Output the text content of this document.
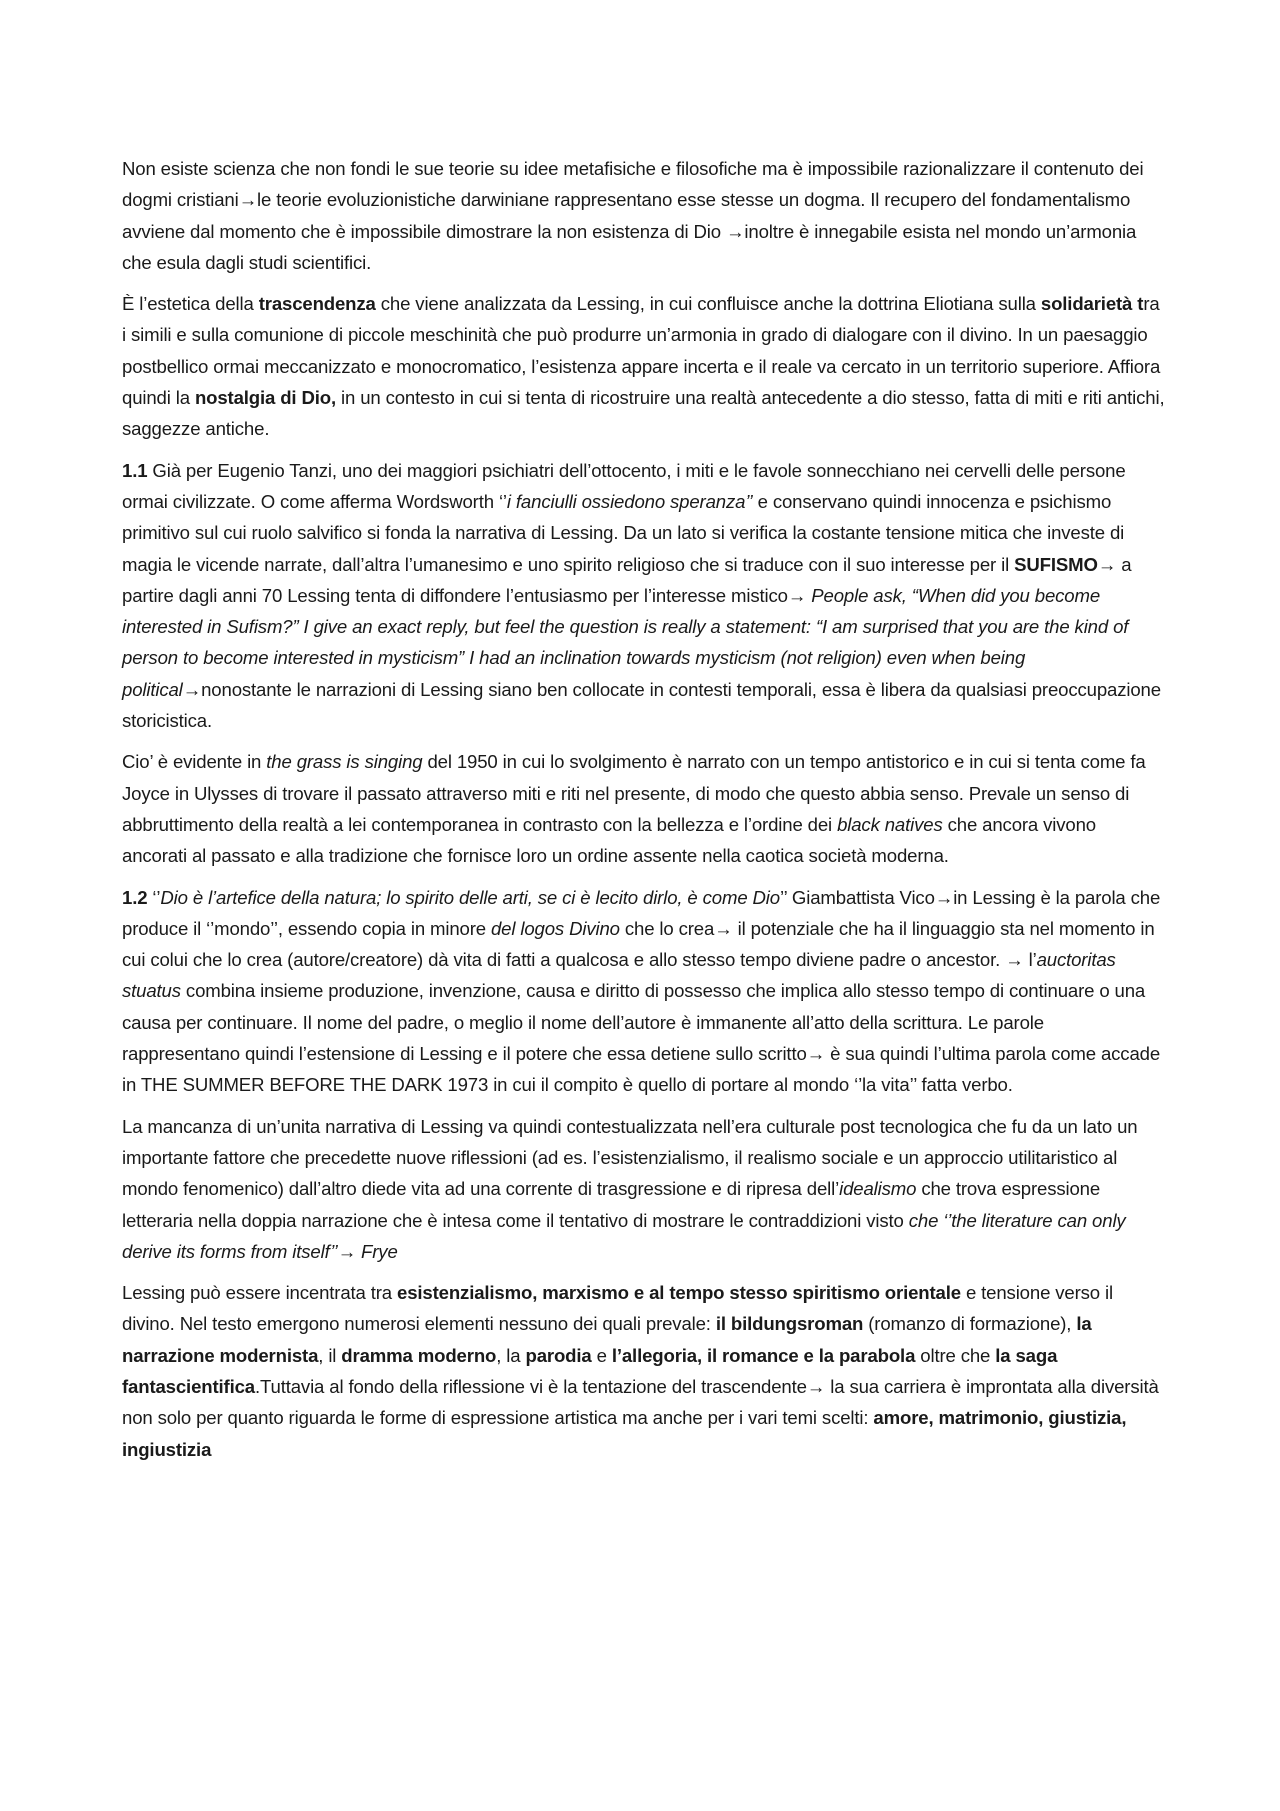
Non esiste scienza che non fondi le sue teorie su idee metafisiche e filosofiche ma è impossibile razionalizzare il contenuto dei dogmi cristiani→le teorie evoluzionistiche darwiniane rappresentano esse stesse un dogma. Il recupero del fondamentalismo avviene dal momento che è impossibile dimostrare la non esistenza di Dio →inoltre è innegabile esista nel mondo un’armonia che esula dagli studi scientifici.

È l’estetica della trascendenza che viene analizzata da Lessing, in cui confluisce anche la dottrina Eliotiana sulla solidarietà tra i simili e sulla comunione di piccole meschinità che può produrre un’armonia in grado di dialogare con il divino. In un paesaggio postbellico ormai meccanizzato e monocromatico, l’esistenza appare incerta e il reale va cercato in un territorio superiore. Affiora quindi la nostalgia di Dio, in un contesto in cui si tenta di ricostruire una realtà antecedente a dio stesso, fatta di miti e riti antichi, saggezze antiche.

1.1 Già per Eugenio Tanzi, uno dei maggiori psichiatri dell’ottocento, i miti e le favole sonnecchiano nei cervelli delle persone ormai civilizzate. O come afferma Wordsworth ‘’i fanciulli ossiedono speranza’’ e conservano quindi innocenza e psichismo primitivo sul cui ruolo salvifico si fonda la narrativa di Lessing. Da un lato si verifica la costante tensione mitica che investe di magia le vicende narrate, dall’altra l’umanesimo e uno spirito religioso che si traduce con il suo interesse per il SUFISMO→ a partire dagli anni 70 Lessing tenta di diffondere l’entusiasmo per l’interesse mistico→ People ask, “When did you become interested in Sufism?” I give an exact reply, but feel the question is really a statement: “I am surprised that you are the kind of person to become interested in mysticism” I had an inclination towards mysticism (not religion) even when being political→nonostante le narrazioni di Lessing siano ben collocate in contesti temporali, essa è libera da qualsiasi preoccupazione storicistica.

Cio’ è evidente in the grass is singing del 1950 in cui lo svolgimento è narrato con un tempo antistorico e in cui si tenta come fa Joyce in Ulysses di trovare il passato attraverso miti e riti nel presente, di modo che questo abbia senso. Prevale un senso di abbruttimento della realtà a lei contemporanea in contrasto con la bellezza e l’ordine dei black natives che ancora vivono ancorati al passato e alla tradizione che fornisce loro un ordine assente nella caotica società moderna.

1.2 ‘’Dio è l’artefice della natura; lo spirito delle arti, se ci è lecito dirlo, è come Dio’’ Giambattista Vico→in Lessing è la parola che produce il ‘’mondo’’, essendo copia in minore del logos Divino che lo crea→ il potenziale che ha il linguaggio sta nel momento in cui colui che lo crea (autore/creatore) dà vita di fatti a qualcosa e allo stesso tempo diviene padre o ancestor. → l’auctoritas stuatus combina insieme produzione, invenzione, causa e diritto di possesso che implica allo stesso tempo di continuare o una causa per continuare. Il nome del padre, o meglio il nome dell’autore è immanente all’atto della scrittura. Le parole rappresentano quindi l’estensione di Lessing e il potere che essa detiene sullo scritto→ è sua quindi l’ultima parola come accade in THE SUMMER BEFORE THE DARK 1973 in cui il compito è quello di portare al mondo ‘’la vita’’ fatta verbo.

La mancanza di un’unita narrativa di Lessing va quindi contestualizzata nell’era culturale post tecnologica che fu da un lato un importante fattore che precedette nuove riflessioni (ad es. l’esistenzialismo, il realismo sociale e un approccio utilitaristico al mondo fenomenico) dall’altro diede vita ad una corrente di trasgressione e di ripresa dell’idealismo che trova espressione letteraria nella doppia narrazione che è intesa come il tentativo di mostrare le contraddizioni visto che ‘’the literature can only derive its forms from itself’’→ Frye

Lessing può essere incentrata tra esistenzialismo, marxismo e al tempo stesso spiritismo orientale e tensione verso il divino. Nel testo emergono numerosi elementi nessuno dei quali prevale: il bildungsroman (romanzo di formazione), la narrazione modernista, il dramma moderno, la parodia e l’allegoria, il romance e la parabola oltre che la saga fantascientifica.Tuttavia al fondo della riflessione vi è la tentazione del trascendente→ la sua carriera è improntata alla diversità non solo per quanto riguarda le forme di espressione artistica ma anche per i vari temi scelti: amore, matrimonio, giustizia, ingiustizia
